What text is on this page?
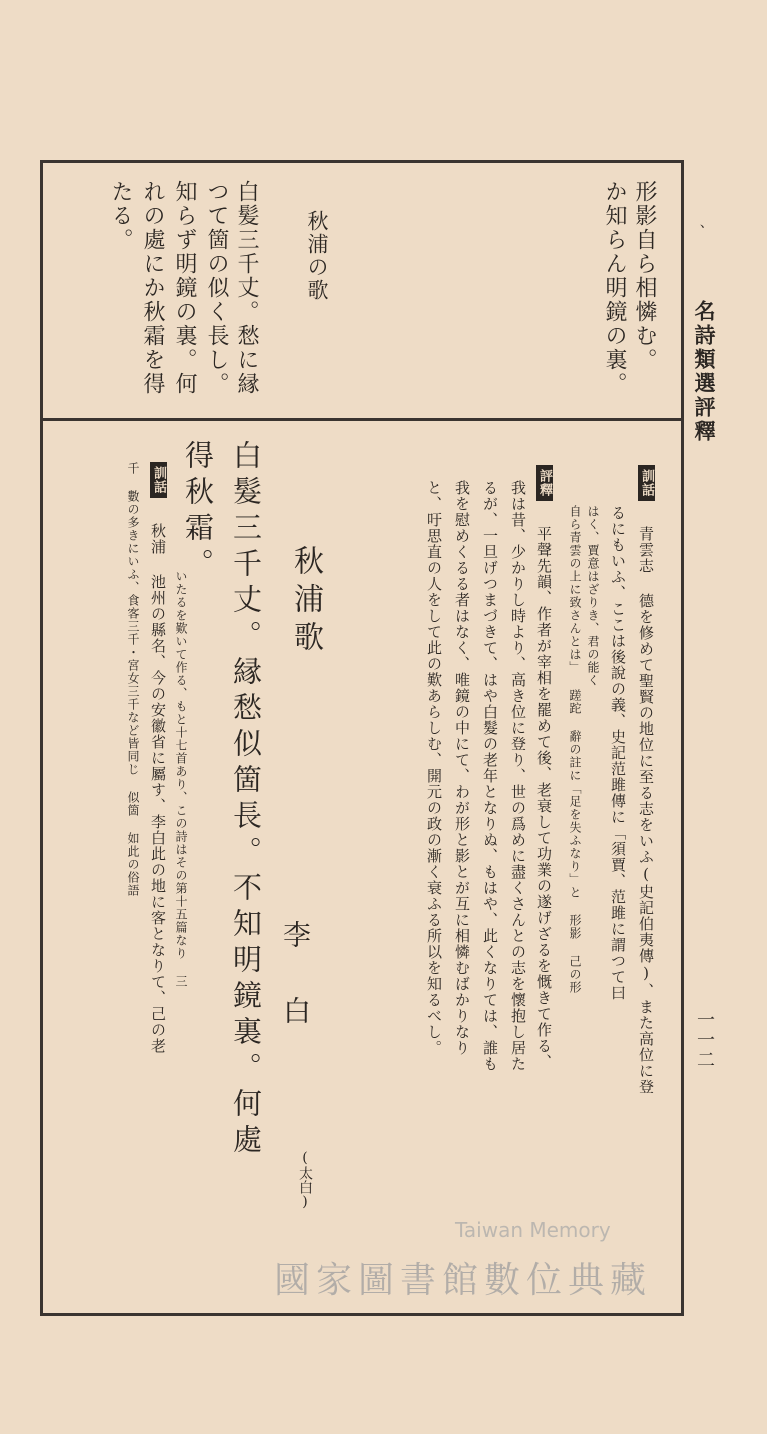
、
名詩類選評釋
一一二
形影自ら相憐む。
か知らん明鏡の裏。
秋浦の歌
白髪三千丈。愁に縁
つて箇の似く長し。
知らず明鏡の裏。何
れの處にか秋霜を得
たる。
訓話 青雲志 德を修めて聖賢の地位に至る志をいふ(史記伯夷傳)、また高位に登
るにもいふ、ここは後說の義、史記范雎傳に「須賈、范雎に謂つて曰
はく、賈意はざりき、君の能く
自ら青雲の上に致さんとは」 蹉跎 辭の註に「足を失ふなり」と 形影 己の形
評釋 平聲先韻、作者が宰相を罷めて後、老衰して功業の遂げざるを慨きて作る、
我は昔、少かりし時より、高き位に登り、世の爲めに盡くさんとの志を懷抱し居た
るが、一旦げつまづきて、はや白髮の老年となりぬ、もはや、此くなりては、誰も
我を慰めくるる者はなく、唯鏡の中にて、わが形と影とが互に相憐むばかりなり
と、吁思直の人をして此の歎あらしむ、開元の政の漸く衰ふる所以を知るべし。
秋浦歌
李　白
(太白)
白髮三千丈。縁愁似箇長。不知明鏡裏。何處
得秋霜。
訓話 秋浦 池州の縣名、今の安徽省に屬す、李白此の地に客となりて、己の老 いたるを歎いて作る、もと十七首あり、この詩はその第十五篇なり 三
千 數の多きにいふ、食客三千・宮女三千など皆同じ 似箇 如此の俗語
Taiwan Memory
國家圖書館數位典藏
